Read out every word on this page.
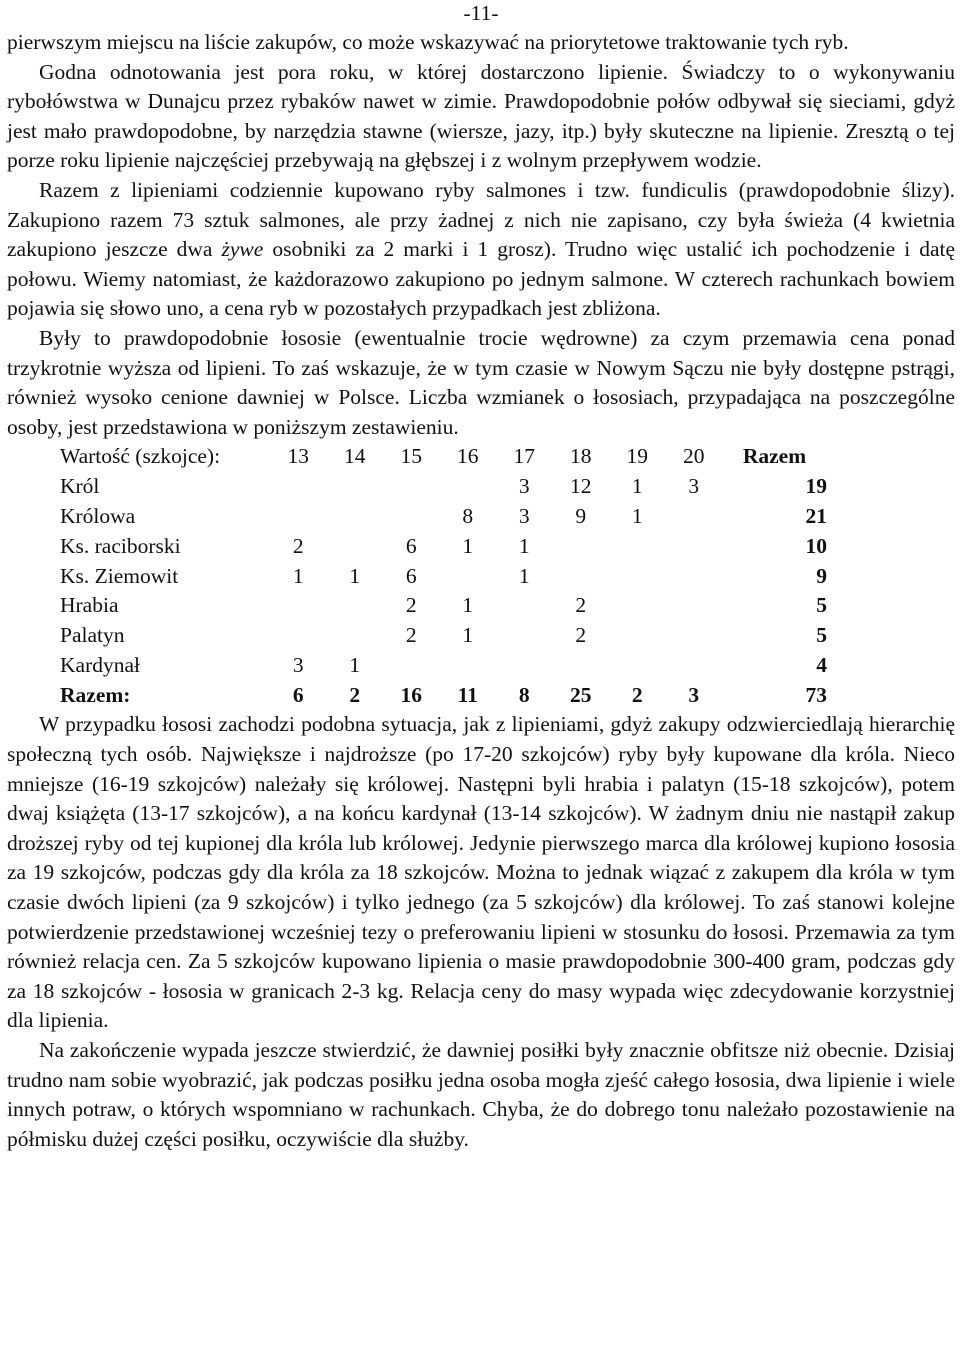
-11-

pierwszym miejscu na liście zakupów, co może wskazywać na priorytetowe traktowanie tych ryb.

Godna odnotowania jest pora roku, w której dostarczono lipienie. Świadczy to o wykonywaniu rybołówstwa w Dunajcu przez rybaków nawet w zimie. Prawdopodobnie połów odbywał się sieciami, gdyż jest mało prawdopodobne, by narzędzia stawne (wiersze, jazy, itp.) były skuteczne na lipienie. Zresztą o tej porze roku lipienie najczęściej przebywają na głębszej i z wolnym przepływem wodzie.

Razem z lipieniami codziennie kupowano ryby salmones i tzw. fundiculis (prawdopodobnie ślizy). Zakupiono razem 73 sztuk salmones, ale przy żadnej z nich nie zapisano, czy była świeża (4 kwietnia zakupiono jeszcze dwa żywe osobniki za 2 marki i 1 grosz). Trudno więc ustalić ich pochodzenie i datę połowu. Wiemy natomiast, że każdorazowo zakupiono po jednym salmone. W czterech rachunkach bowiem pojawia się słowo uno, a cena ryb w pozostałych przypadkach jest zbliżona.

Były to prawdopodobnie łososie (ewentualnie trocie wędrowne) za czym przemawia cena ponad trzykrotnie wyższa od lipieni. To zaś wskazuje, że w tym czasie w Nowym Sączu nie były dostępne pstrągi, również wysoko cenione dawniej w Polsce. Liczba wzmianek o łososiach, przypadająca na poszczególne osoby, jest przedstawiona w poniższym zestawieniu.

Wartość (szkojce):	13	14	15	16	17	18	19	20	Razem
Król					3	12	1	3	19
Królowa				8	3	9	1		21
Ks. raciborski	2		6	1	1				10
Ks. Ziemowit	1	1	6		1				9
Hrabia			2	1		2			5
Palatyn			2	1		2			5
Kardynał	3	1							4
Razem:	6	2	16	11	8	25	2	3	73

W przypadku łososi zachodzi podobna sytuacja, jak z lipieniami, gdyż zakupy odzwierciedlają hierarchię społeczną tych osób. Największe i najdroższe (po 17-20 szkojców) ryby były kupowane dla króla. Nieco mniejsze (16-19 szkojców) należały się królowej. Następni byli hrabia i palatyn (15-18 szkojców), potem dwaj książęta (13-17 szkojców), a na końcu kardynał (13-14 szkojców). W żadnym dniu nie nastąpił zakup droższej ryby od tej kupionej dla króla lub królowej. Jedynie pierwszego marca dla królowej kupiono łososia za 19 szkojców, podczas gdy dla króla za 18 szkojców. Można to jednak wiązać z zakupem dla króla w tym czasie dwóch lipieni (za 9 szkojców) i tylko jednego (za 5 szkojców) dla królowej. To zaś stanowi kolejne potwierdzenie przedstawionej wcześniej tezy o preferowaniu lipieni w stosunku do łososi. Przemawia za tym również relacja cen. Za 5 szkojców kupowano lipienia o masie prawdopodobnie 300-400 gram, podczas gdy za 18 szkojców - łososia w granicach 2-3 kg. Relacja ceny do masy wypada więc zdecydowanie korzystniej dla lipienia.

Na zakończenie wypada jeszcze stwierdzić, że dawniej posiłki były znacznie obfitsze niż obecnie. Dzisiaj trudno nam sobie wyobrazić, jak podczas posiłku jedna osoba mogła zjeść całego łososia, dwa lipienie i wiele innych potraw, o których wspomniano w rachunkach. Chyba, że do dobrego tonu należało pozostawienie na półmisku dużej części posiłku, oczywiście dla służby.
